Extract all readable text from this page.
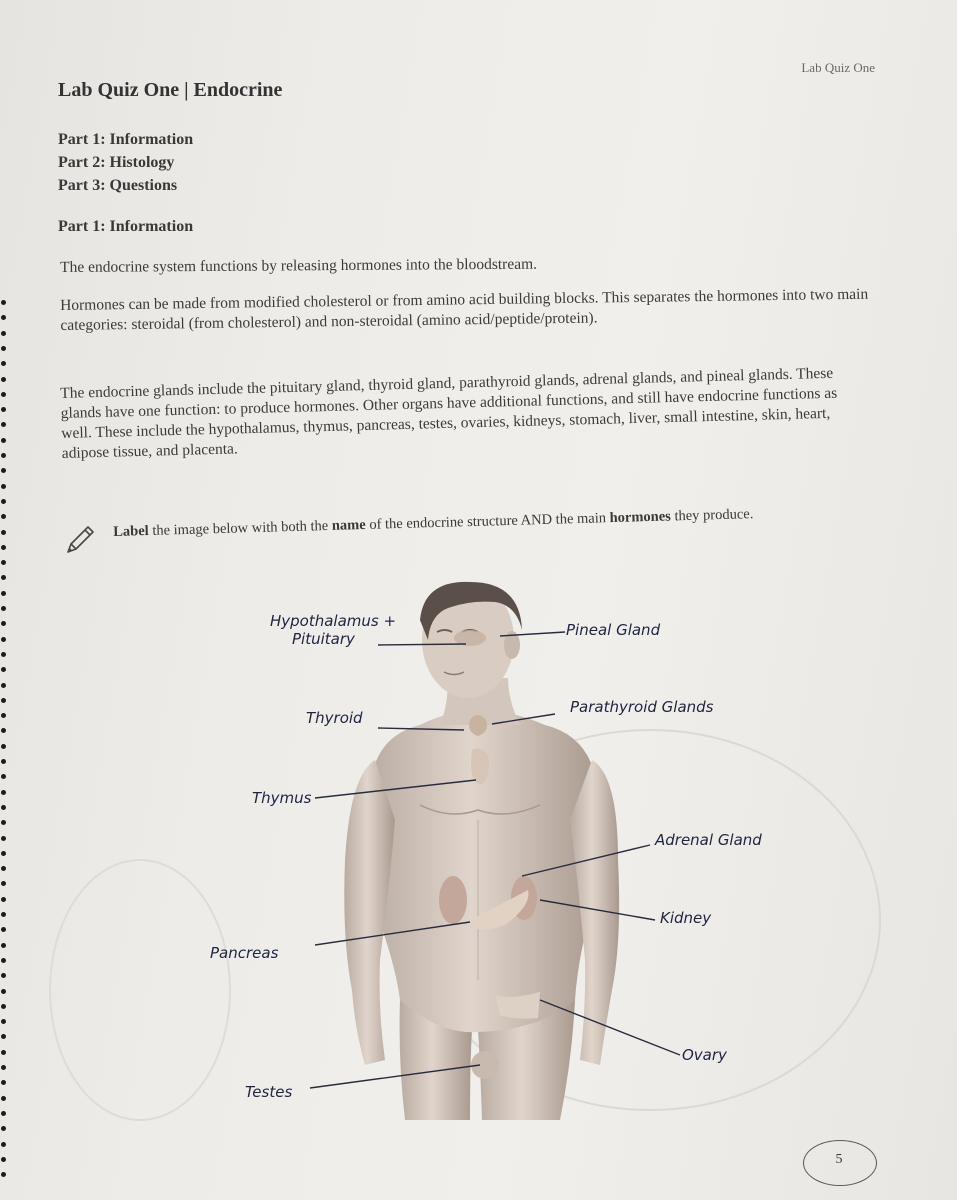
Lab Quiz One
Lab Quiz One | Endocrine
Part 1: Information
Part 2: Histology
Part 3: Questions
Part 1: Information
The endocrine system functions by releasing hormones into the bloodstream.
Hormones can be made from modified cholesterol or from amino acid building blocks. This separates the hormones into two main categories: steroidal (from cholesterol) and non-steroidal (amino acid/peptide/protein).
The endocrine glands include the pituitary gland, thyroid gland, parathyroid glands, adrenal glands, and pineal glands. These glands have one function: to produce hormones. Other organs have additional functions, and still have endocrine functions as well. These include the hypothalamus, thymus, pancreas, testes, ovaries, kidneys, stomach, liver, small intestine, skin, heart, adipose tissue, and placenta.
Label the image below with both the name of the endocrine structure AND the main hormones they produce.
Hypothalamus +
Pituitary	Pineal Gland
Thyroid
Parathyroid Glands
Thymus
Adrenal Gland
Kidney
Pancreas
Ovary
Testes
5
